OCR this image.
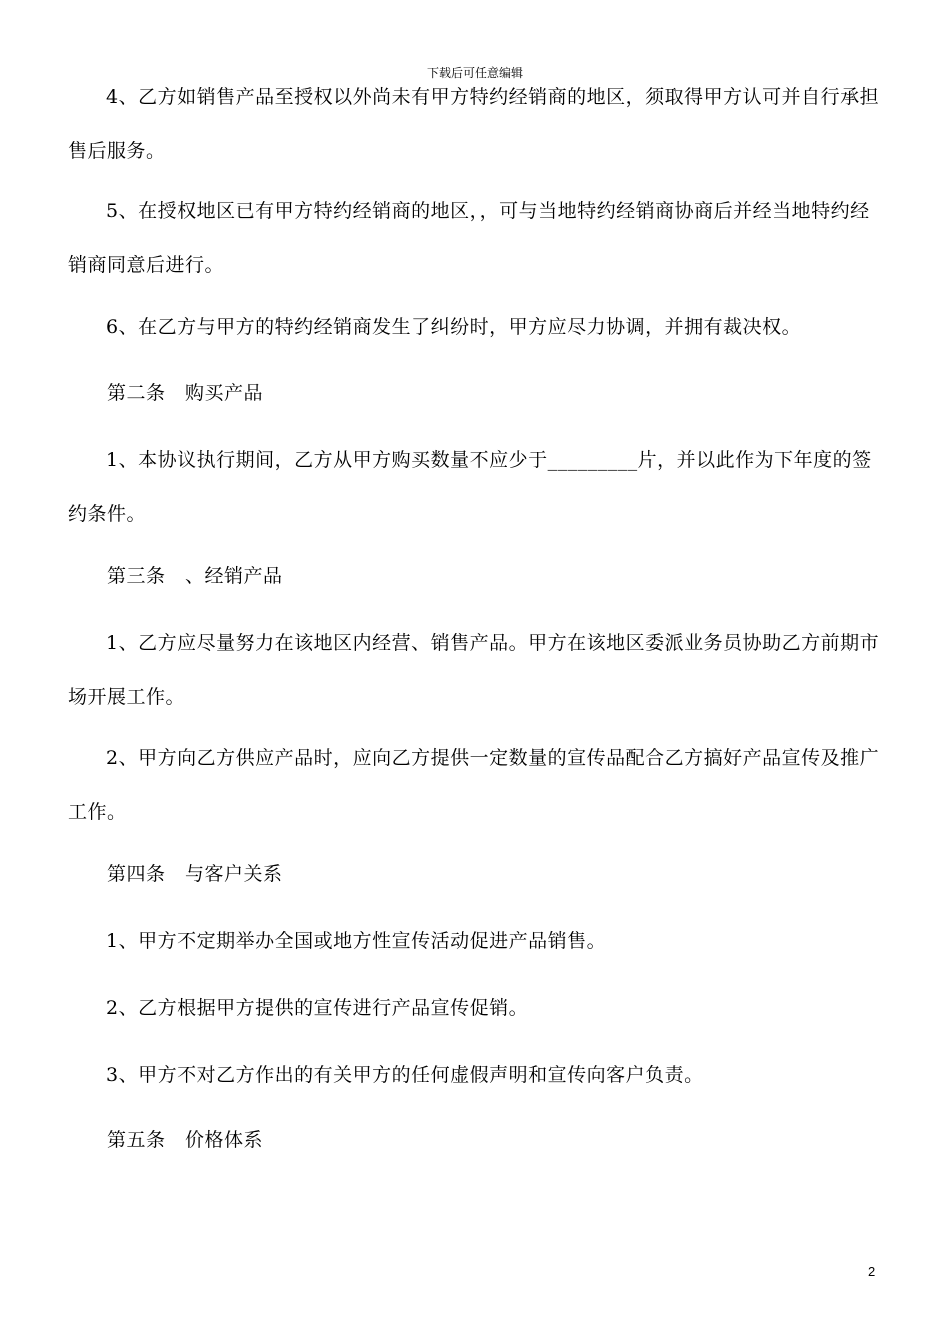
下载后可任意编辑

4、乙方如销售产品至授权以外尚未有甲方特约经销商的地区，须取得甲方认可并自行承担售后服务。

5、在授权地区已有甲方特约经销商的地区，，可与当地特约经销商协商后并经当地特约经销商同意后进行。

6、在乙方与甲方的特约经销商发生了纠纷时，甲方应尽力协调，并拥有裁决权。

第二条　购买产品

1、本协议执行期间，乙方从甲方购买数量不应少于_________片，并以此作为下年度的签约条件。

第三条　、经销产品

1、乙方应尽量努力在该地区内经营、销售产品。甲方在该地区委派业务员协助乙方前期市场开展工作。

2、甲方向乙方供应产品时，应向乙方提供一定数量的宣传品配合乙方搞好产品宣传及推广工作。

第四条　与客户关系

1、甲方不定期举办全国或地方性宣传活动促进产品销售。

2、乙方根据甲方提供的宣传进行产品宣传促销。

3、甲方不对乙方作出的有关甲方的任何虚假声明和宣传向客户负责。

第五条　价格体系

2
